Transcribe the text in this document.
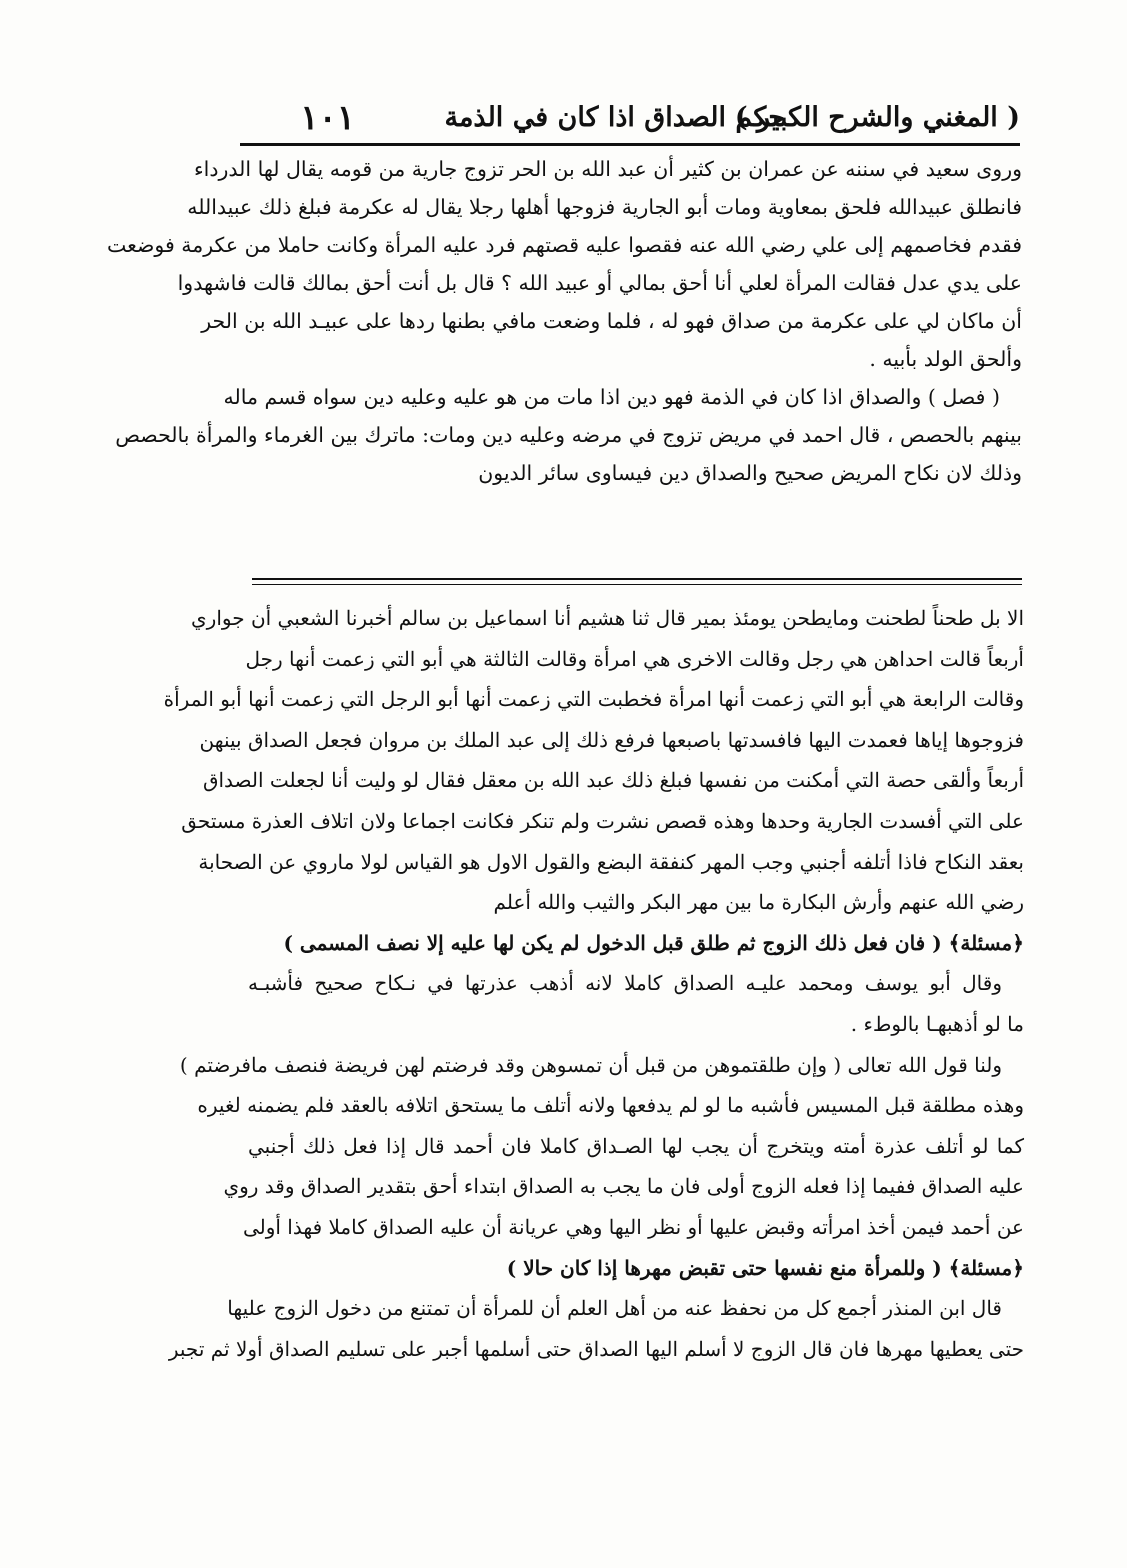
( المغني والشرح الكبير )
حكم الصداق اذا كان في الذمة
١٠١
وروى سعيد في سننه عن عمران بن كثير أن عبد الله بن الحر تزوج جارية من قومه يقال لها الدرداء
فانطلق عبيدالله فلحق بمعاوية ومات أبو الجارية فزوجها أهلها رجلا يقال له عكرمة فبلغ ذلك عبيدالله
فقدم فخاصمهم إلى علي رضي الله عنه فقصوا عليه قصتهم فرد عليه المرأة وكانت حاملا من عكرمة فوضعت
على يدي عدل فقالت المرأة لعلي أنا أحق بمالي أو عبيد الله ؟ قال بل أنت أحق بمالك قالت فاشهدوا
أن ماكان لي على عكرمة من صداق فهو له ، فلما وضعت مافي بطنها ردها على عبيـد الله بن الحر
وألحق الولد بأبيه .
( فصل ) والصداق اذا كان في الذمة فهو دين اذا مات من هو عليه وعليه دين سواه قسم ماله
بينهم بالحصص ، قال احمد في مريض تزوج في مرضه وعليه دين ومات: ماترك بين الغرماء والمرأة بالحصص
وذلك لان نكاح المريض صحيح والصداق دين فيساوى سائر الديون
الا بل طحناً لطحنت ومايطحن يومئذ بمير قال ثنا هشيم أنا اسماعيل بن سالم أخبرنا الشعبي أن جواري
أربعاً قالت احداهن هي رجل وقالت الاخرى هي امرأة وقالت الثالثة هي أبو التي زعمت أنها رجل
وقالت الرابعة هي أبو التي زعمت أنها امرأة فخطبت التي زعمت أنها أبو الرجل التي زعمت أنها أبو المرأة
فزوجوها إياها فعمدت اليها فافسدتها باصبعها فرفع ذلك إلى عبد الملك بن مروان فجعل الصداق بينهن
أربعاً وألقى حصة التي أمكنت من نفسها فبلغ ذلك عبد الله بن معقل فقال لو وليت أنا لجعلت الصداق
على التي أفسدت الجارية وحدها وهذه قصص نشرت ولم تنكر فكانت اجماعا ولان اتلاف العذرة مستحق
بعقد النكاح فاذا أتلفه أجنبي وجب المهر كنفقة البضع والقول الاول هو القياس لولا ماروي عن الصحابة
رضي الله عنهم وأرش البكارة ما بين مهر البكر والثيب والله أعلم
﴿مسئلة﴾ ( فان فعل ذلك الزوج ثم طلق قبل الدخول لم يكن لها عليه إلا نصف المسمى )
وقال أبو يوسف ومحمد عليـه الصداق كاملا لانه أذهب عذرتها في نـكاح صحيح فأشبـه
ما لو أذهبهـا بالوطء .
ولنا قول الله تعالى ( وإن طلقتموهن من قبل أن تمسوهن وقد فرضتم لهن فريضة فنصف مافرضتم )
وهذه مطلقة قبل المسيس فأشبه ما لو لم يدفعها ولانه أتلف ما يستحق اتلافه بالعقد فلم يضمنه لغيره
كما لو أتلف عذرة أمته ويتخرج أن يجب لها الصـداق كاملا فان أحمد قال إذا فعل ذلك أجنبي
عليه الصداق ففيما إذا فعله الزوج أولى فان ما يجب به الصداق ابتداء أحق بتقدير الصداق وقد روي
عن أحمد فيمن أخذ امرأته وقبض عليها أو نظر اليها وهي عريانة أن عليه الصداق كاملا فهذا أولى
﴿مسئلة﴾ ( وللمرأة منع نفسها حتى تقبض مهرها إذا كان حالا )
قال ابن المنذر أجمع كل من نحفظ عنه من أهل العلم أن للمرأة أن تمتنع من دخول الزوج عليها
حتى يعطيها مهرها فان قال الزوج لا أسلم اليها الصداق حتى أسلمها أجبر على تسليم الصداق أولا ثم تجبر
